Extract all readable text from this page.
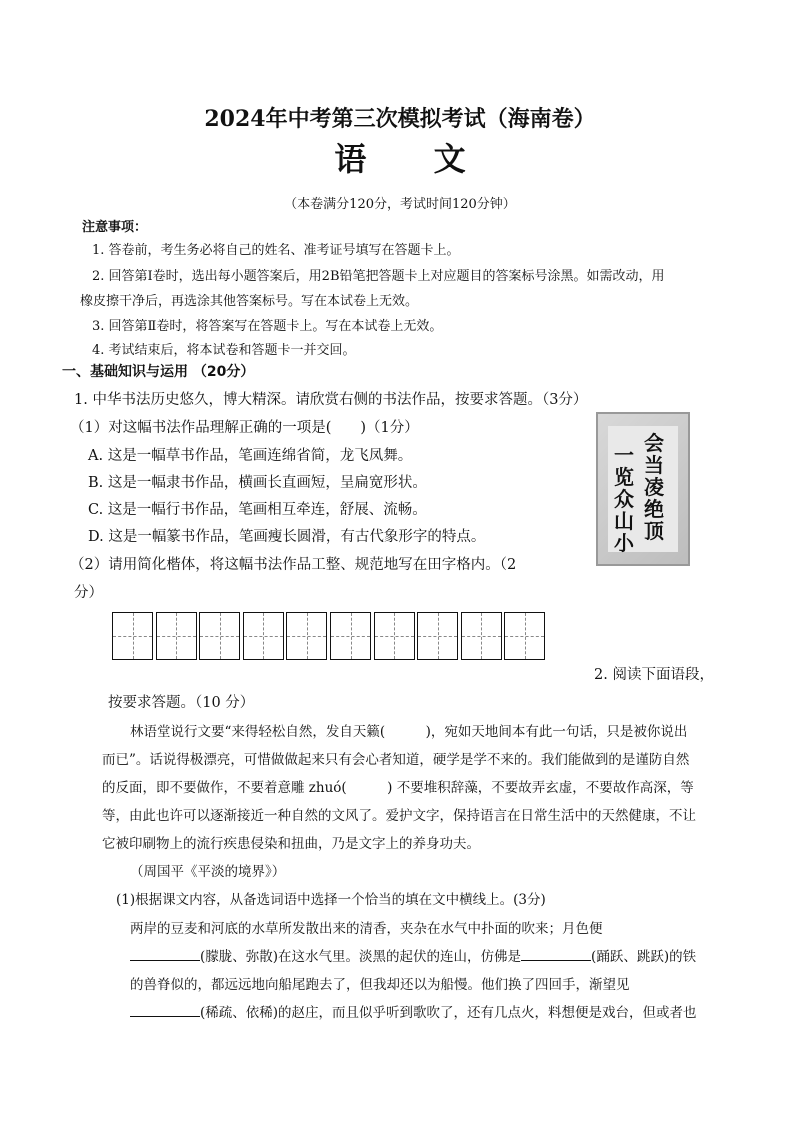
2024年中考第三次模拟考试（海南卷）
语 文
（本卷满分120分，考试时间120分钟）
注意事项：
1. 答卷前，考生务必将自己的姓名、准考证号填写在答题卡上。
2. 回答第Ⅰ卷时，选出每小题答案后，用2B铅笔把答题卡上对应题目的答案标号涂黑。如需改动，用
橡皮擦干净后，再选涂其他答案标号。写在本试卷上无效。
3. 回答第Ⅱ卷时，将答案写在答题卡上。写在本试卷上无效。
4. 考试结束后，将本试卷和答题卡一并交回。
一、基础知识与运用 （20分）
1. 中华书法历史悠久，博大精深。请欣赏右侧的书法作品，按要求答题。（3分）
（1）对这幅书法作品理解正确的一项是(　　)（1分）
A. 这是一幅草书作品，笔画连绵省简，龙飞凤舞。
B. 这是一幅隶书作品，横画长直画短，呈扁宽形状。
C. 这是一幅行书作品，笔画相互牵连，舒展、流畅。
D. 这是一幅篆书作品，笔画瘦长圆滑，有古代象形字的特点。
（2）请用简化楷体，将这幅书法作品工整、规范地写在田字格内。（2
分）
会当凌绝顶
一览众山小
2. 阅读下面语段，
按要求答题。（10 分）
林语堂说行文要“来得轻松自然，发自天籁(　　　)，宛如天地间本有此一句话，只是被你说出
而已”。话说得极漂亮，可惜做做起来只有会心者知道，硬学是学不来的。我们能做到的是谨防自然
的反面，即不要做作，不要着意雕 zhuó(　　　) 不要堆积辞藻，不要故弄玄虚，不要故作高深，等
等，由此也许可以逐渐接近一种自然的文风了。爱护文字，保持语言在日常生活中的天然健康，不让
它被印刷物上的流行疾患侵染和扭曲，乃是文字上的养身功夫。
（周国平《平淡的境界》）
(1)根据课文内容，从备选词语中选择一个恰当的填在文中横线上。(3分)
两岸的豆麦和河底的水草所发散出来的清香，夹杂在水气中扑面的吹来；月色便
(朦胧、弥散)在这水气里。淡黑的起伏的连山，仿佛是	(踊跃、跳跃)的铁
的兽脊似的，都远远地向船尾跑去了，但我却还以为船慢。他们换了四回手，渐望见
(稀疏、依稀)的赵庄，而且似乎听到歌吹了，还有几点火，料想便是戏台，但或者也
